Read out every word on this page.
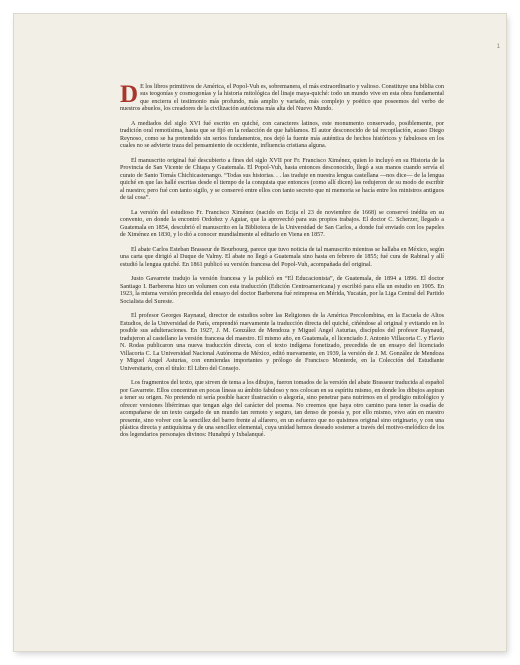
1

D E los libros primitivos de América, el Popol-Vuh es, sobremanera, el más extraordinario y valioso. Constituye una biblia con sus teogonías y cosmogonías y la historia mitológica del linaje maya-quiché: todo un mundo vive en esta obra fundamental que encierra el testimonio más profundo, más amplio y variado, más complejo y poético que poseemos del verbo de nuestros abuelos, los creadores de la civilización autóctona más alta del Nuevo Mundo.

A mediados del siglo XVI fué escrito en quiché, con caracteres latinos, este monumento conservado, posiblemente, por tradición oral remotísima, hasta que se fijó en la redacción de que hablamos. El autor desconocido de tal recopilación, acaso Diego Reynoso, como se ha pretendido sin serios fundamentos, nos dejó la fuente más auténtica de hechos históricos y fabulosos en los cuales no se advierte traza del pensamiento de occidente, influencia cristiana alguna.

El manuscrito original fué descubierto a fines del siglo XVII por Fr. Francisco Ximénez, quien lo incluyó en su Historia de la Provincia de San Vicente de Chiapa y Guatemala. El Popol-Vuh, hasta entonces desconocido, llegó a sus manos cuando servía el curato de Santo Tomás Chichicastenango. “Todas sus historias. . . las traduje en nuestra lengua castellana —nos dice— de la lengua quiché en que las hallé escritas desde el tiempo de la conquista que entonces (como allí dicen) las redujeron de su modo de escribir al nuestro; pero fué con tanto sigilo, y se conservó entre ellos con tanto secreto que ni memoria se hacía entre los ministros antiguos de tal cosa”.

La versión del estudioso Fr. Francisco Ximénez (nacido en Ecija el 23 de noviembre de 1668) se conservó inédita en su convento, en donde la encontró Ordoñez y Aguiar, que la aprovechó para sus propios trabajos. El doctor C. Scherzer, llegado a Guatemala en 1854, descubrió el manuscrito en la Biblioteca de la Universidad de San Carlos, a donde fué enviado con los papeles de Ximénez en 1830, y lo dió a conocer mundialmente al editarlo en Viena en 1857.

El abate Carlos Esteban Brasseur de Bourbourg, parece que tuvo noticia de tal manuscrito mientras se hallaba en México, según una carta que dirigió al Duque de Valmy. El abate no llegó a Guatemala sino hasta en febrero de 1855; fué cura de Rabinal y allí estudió la lengua quiché. En 1861 publicó su versión francesa del Popol-Vuh, acompañada del original.

Justo Gavarrete tradujo la versión francesa y la publicó en “El Educacionista”, de Guatemala, de 1894 a 1896. El doctor Santiago I. Barberena hizo un volumen con esta traducción (Edición Centroamericana) y escribió para ella un estudio en 1905. En 1923, la misma versión precedida del ensayo del doctor Barberena fué reimpresa en Mérida, Yucatán, por la Liga Central del Partido Socialista del Sureste.

El profesor Georges Raynaud, director de estudios sobre las Religiones de la América Precolombina, en la Escuela de Altos Estudios, de la Universidad de París, emprendió nuevamente la traducción directa del quiché, ciñéndose al original y evitando en lo posible sus adulteraciones. En 1927, J. M. González de Mendoza y Miguel Angel Asturias, discípulos del profesor Raynaud, tradujeron al castellano la versión francesa del maestro. El mismo año, en Guatemala, el licenciado J. Antonio Villacorta C. y Flavio N. Rodas publicaron una nueva traducción directa, con el texto indígena fonetizado, precedida de un ensayo del licenciado Villacorta C. La Universidad Nacional Autónoma de México, editó nuevamente, en 1939, la versión de J. M. González de Mendoza y Miguel Angel Asturias, con enmiendas importantes y prólogo de Francisco Monterde, en la Colección del Estudiante Universitario, con el título: El Libro del Consejo.

Los fragmentos del texto, que sirven de tema a los dibujos, fueron tomados de la versión del abate Brasseur traducida al español por Gavarrete. Ellos concentran en pocas líneas su ámbito fabuloso y nos colocan en su espíritu mismo, en donde los dibujos aspiran a tener su origen. No pretendo ni sería posible hacer ilustración o alegoría, sino penetrar para nutrirnos en el prodigio mitológico y ofrecer versiones libérrimas que tengan algo del carácter del poema. No creemos que haya otro camino para tener la osadía de acompañarse de un texto cargado de un mundo tan remoto y seguro, tan denso de poesía y, por ello mismo, vivo aún en nuestro presente, sino volver con la sencillez del barro frente al alfarero, en un esfuerzo que no quisimos original sino originario, y con una plástica directa y antiquísima y de una sencillez elemental, cuya unidad hemos deseado sostener a través del motivo-melódico de los dos legendarios personajes divinos: Hunahpú y Ixbalanqué.
